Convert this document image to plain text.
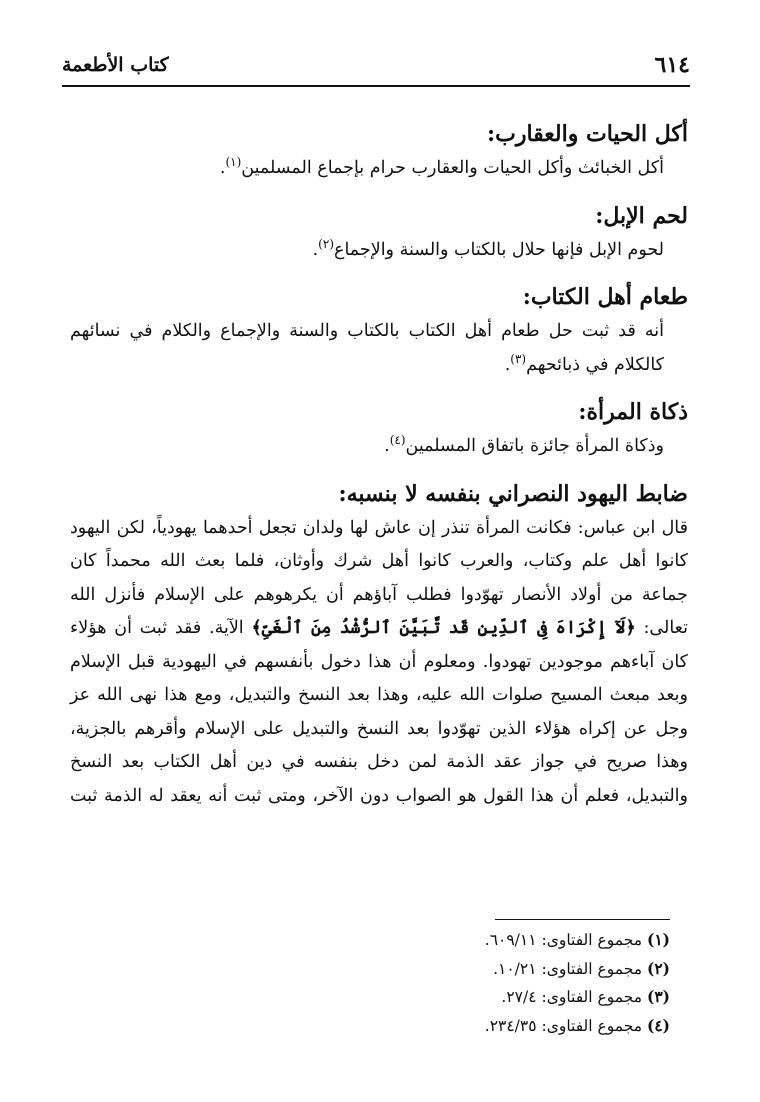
٦١٤
كتاب الأطعمة
أكل الحيات والعقارب:
أكل الخبائث وأكل الحيات والعقارب حرام بإجماع المسلمين$^{(١)}$.
لحم الإبل:
لحوم الإبل فإنها حلال بالكتاب والسنة والإجماع$^{(٢)}$.
طعام أهل الكتاب:
أنه قد ثبت حل طعام أهل الكتاب بالكتاب والسنة والإجماع والكلام في نسائهم كالكلام في ذبائحهم$^{(٣)}$.
ذكاة المرأة:
وذكاة المرأة جائزة باتفاق المسلمين$^{(٤)}$.
ضابط اليهود النصراني بنفسه لا بنسبه:
قال ابن عباس: فكانت المرأة تنذر إن عاش لها ولدان تجعل أحدهما يهودياً، لكن اليهود كانوا أهل علم وكتاب، والعرب كانوا أهل شرك وأوثان، فلما بعث الله محمداً كان جماعة من أولاد الأنصار تهوّدوا فطلب آباؤهم أن يكرهوهم على الإسلام فأنزل الله تعالى: ﴿لَآ إِكْرَاهَ فِى ٱلدِّينِ قَد تَّبَيَّنَ ٱلرُّشْدُ مِنَ ٱلْغَىِّ﴾ الآية. فقد ثبت أن هؤلاء كان آباءهم موجودين تهودوا. ومعلوم أن هذا دخول بأنفسهم في اليهودية قبل الإسلام وبعد مبعث المسيح صلوات الله عليه، وهذا بعد النسخ والتبديل، ومع هذا نهى الله عز وجل عن إكراه هؤلاء الذين تهوّدوا بعد النسخ والتبديل على الإسلام وأقرهم بالجزية، وهذا صريح في جواز عقد الذمة لمن دخل بنفسه في دين أهل الكتاب بعد النسخ والتبديل، فعلم أن هذا القول هو الصواب دون الآخر، ومتى ثبت أنه يعقد له الذمة ثبت
(١) مجموع الفتاوى: ٦٠٩/١١.
(٢) مجموع الفتاوى: ١٠/٢١.
(٣) مجموع الفتاوى: ٢٧/٤.
(٤) مجموع الفتاوى: ٢٣٤/٣٥.
